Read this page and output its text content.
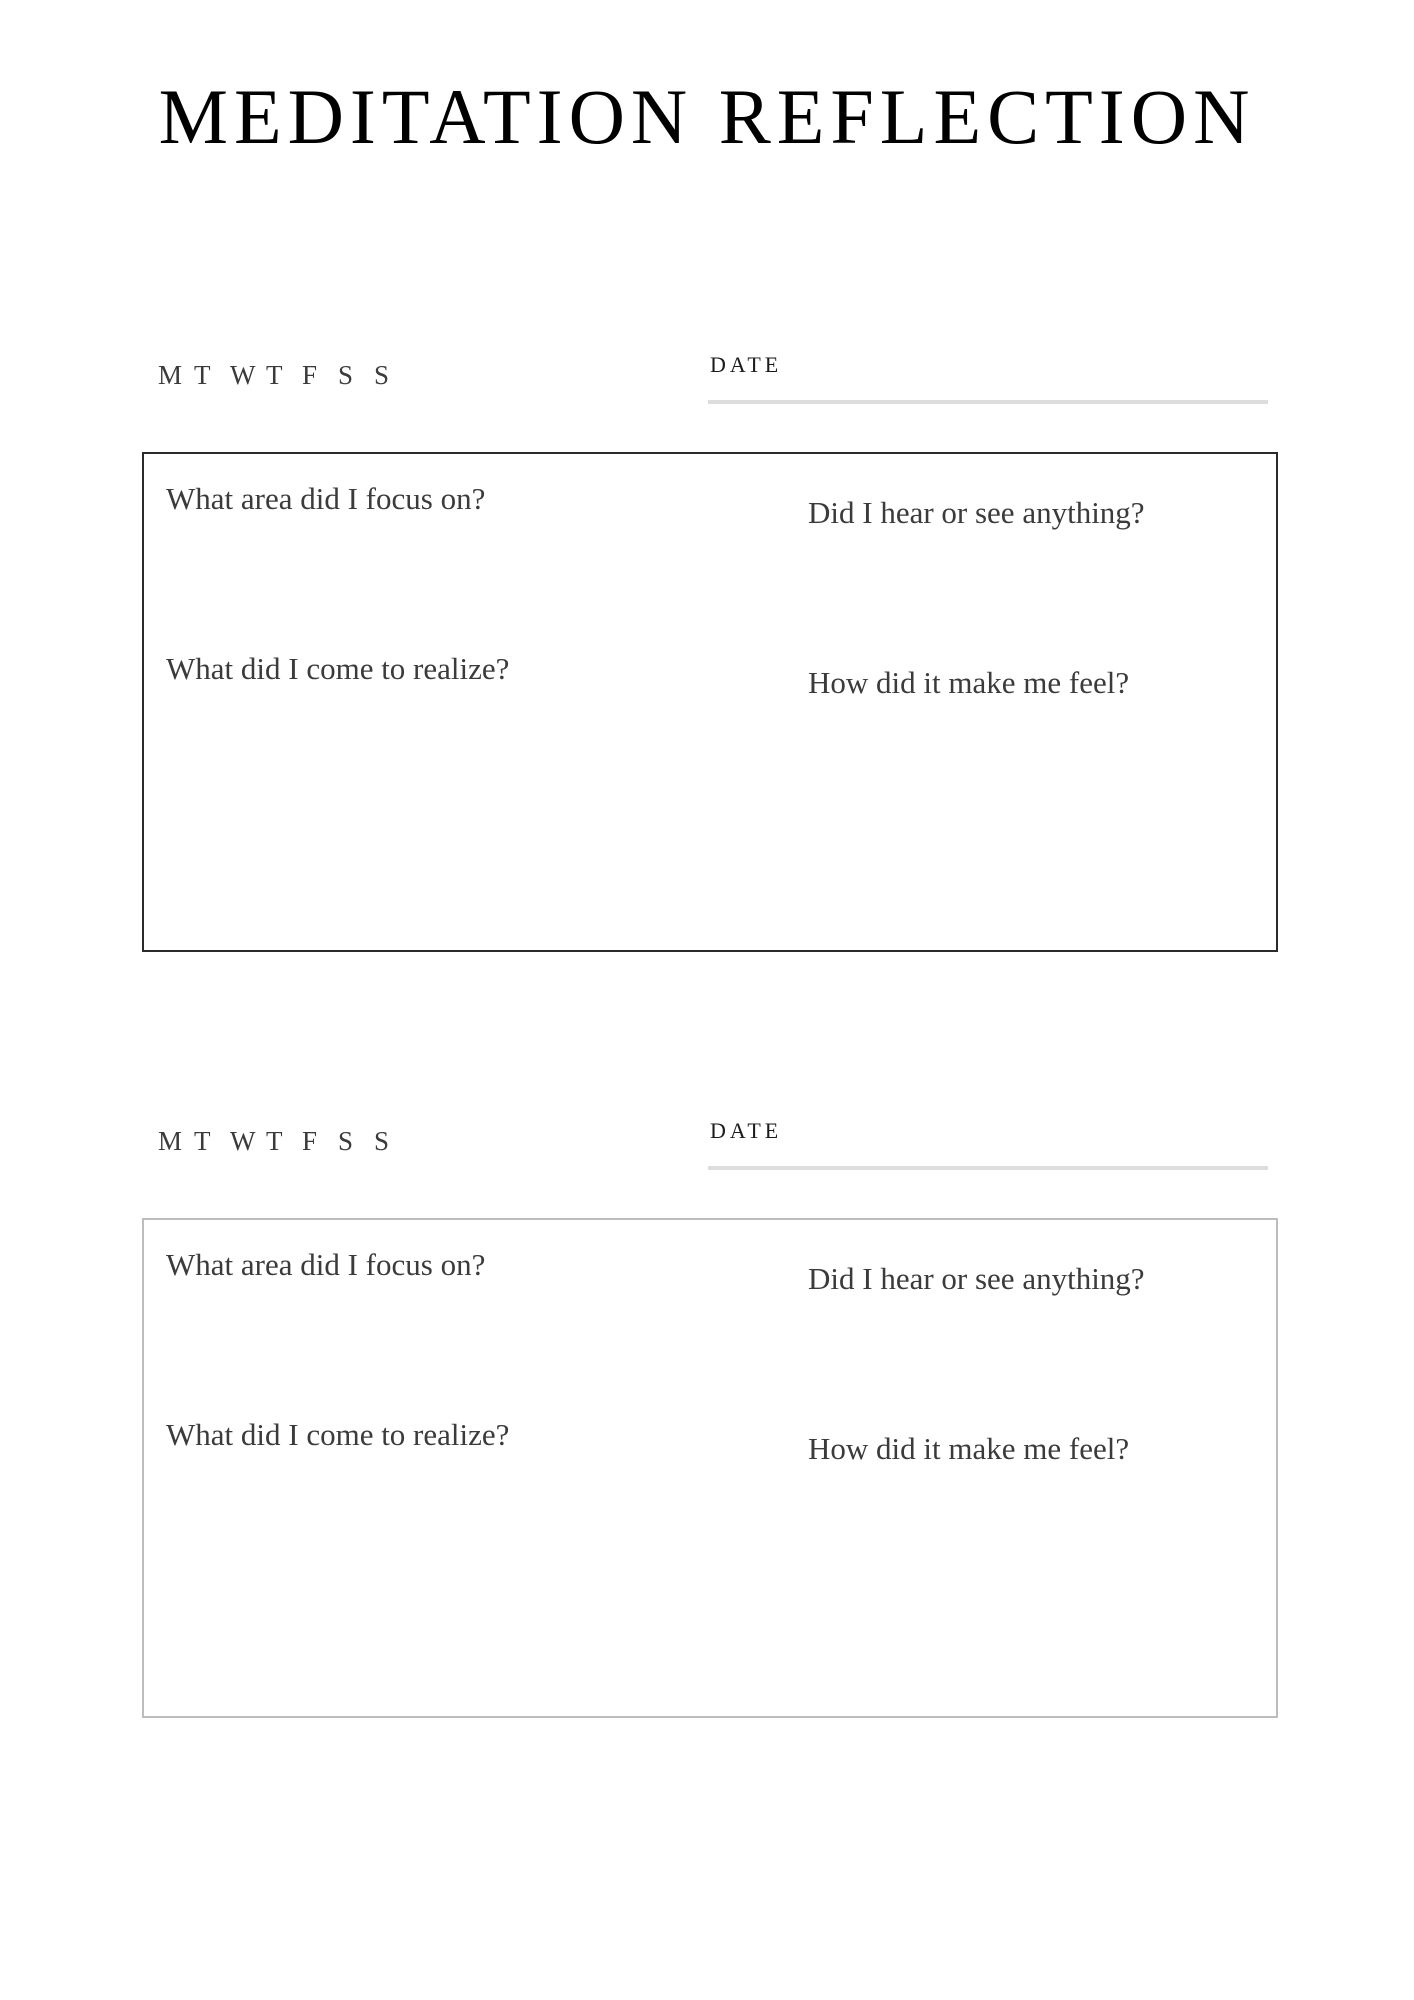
MEDITATION REFLECTION
M T W T F S S	DATE
What area did I focus on?	Did I hear or see anything?
What did I come to realize?	How did it make me feel?
M T W T F S S	DATE
What area did I focus on?	Did I hear or see anything?
What did I come to realize?	How did it make me feel?
